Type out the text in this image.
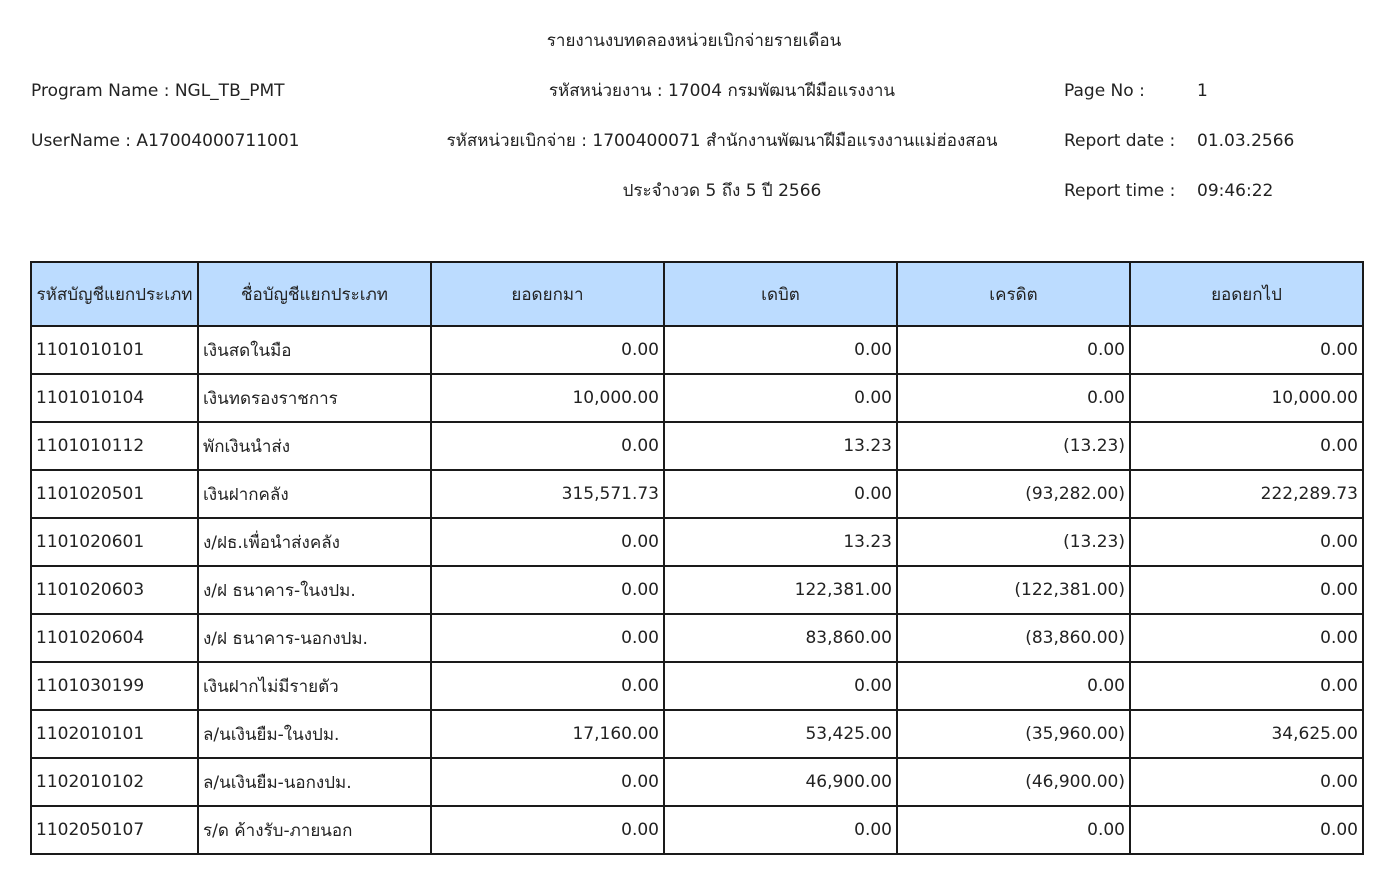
รายงานงบทดลองหน่วยเบิกจ่ายรายเดือน
Program Name : NGL_TB_PMT	รหัสหน่วยงาน : 17004 กรมพัฒนาฝีมือแรงงาน	Page No :	1
UserName : A17004000711001	รหัสหน่วยเบิกจ่าย : 1700400071 สำนักงานพัฒนาฝีมือแรงงานแม่ฮ่องสอน	Report date : 01.03.2566
ประจำงวด 5 ถึง 5 ปี 2566	Report time : 09:46:22
รหัสบัญชีแยกประเภท	ชื่อบัญชีแยกประเภท	ยอดยกมา	เดบิต	เครดิต	ยอดยกไป
1101010101	เงินสดในมือ	0.00	0.00	0.00	0.00
1101010104	เงินทดรองราชการ	10,000.00	0.00	0.00	10,000.00
1101010112	พักเงินนำส่ง	0.00	13.23	(13.23)	0.00
1101020501	เงินฝากคลัง	315,571.73	0.00	(93,282.00)	222,289.73
1101020601	ง/ฝธ.เพื่อนำส่งคลัง	0.00	13.23	(13.23)	0.00
1101020603	ง/ฝ ธนาคาร-ในงปม.	0.00	122,381.00	(122,381.00)	0.00
1101020604	ง/ฝ ธนาคาร-นอกงปม.	0.00	83,860.00	(83,860.00)	0.00
1101030199	เงินฝากไม่มีรายตัว	0.00	0.00	0.00	0.00
1102010101	ล/นเงินยืม-ในงปม.	17,160.00	53,425.00	(35,960.00)	34,625.00
1102010102	ล/นเงินยืม-นอกงปม.	0.00	46,900.00	(46,900.00)	0.00
1102050107	ร/ด ค้างรับ-ภายนอก	0.00	0.00	0.00	0.00
